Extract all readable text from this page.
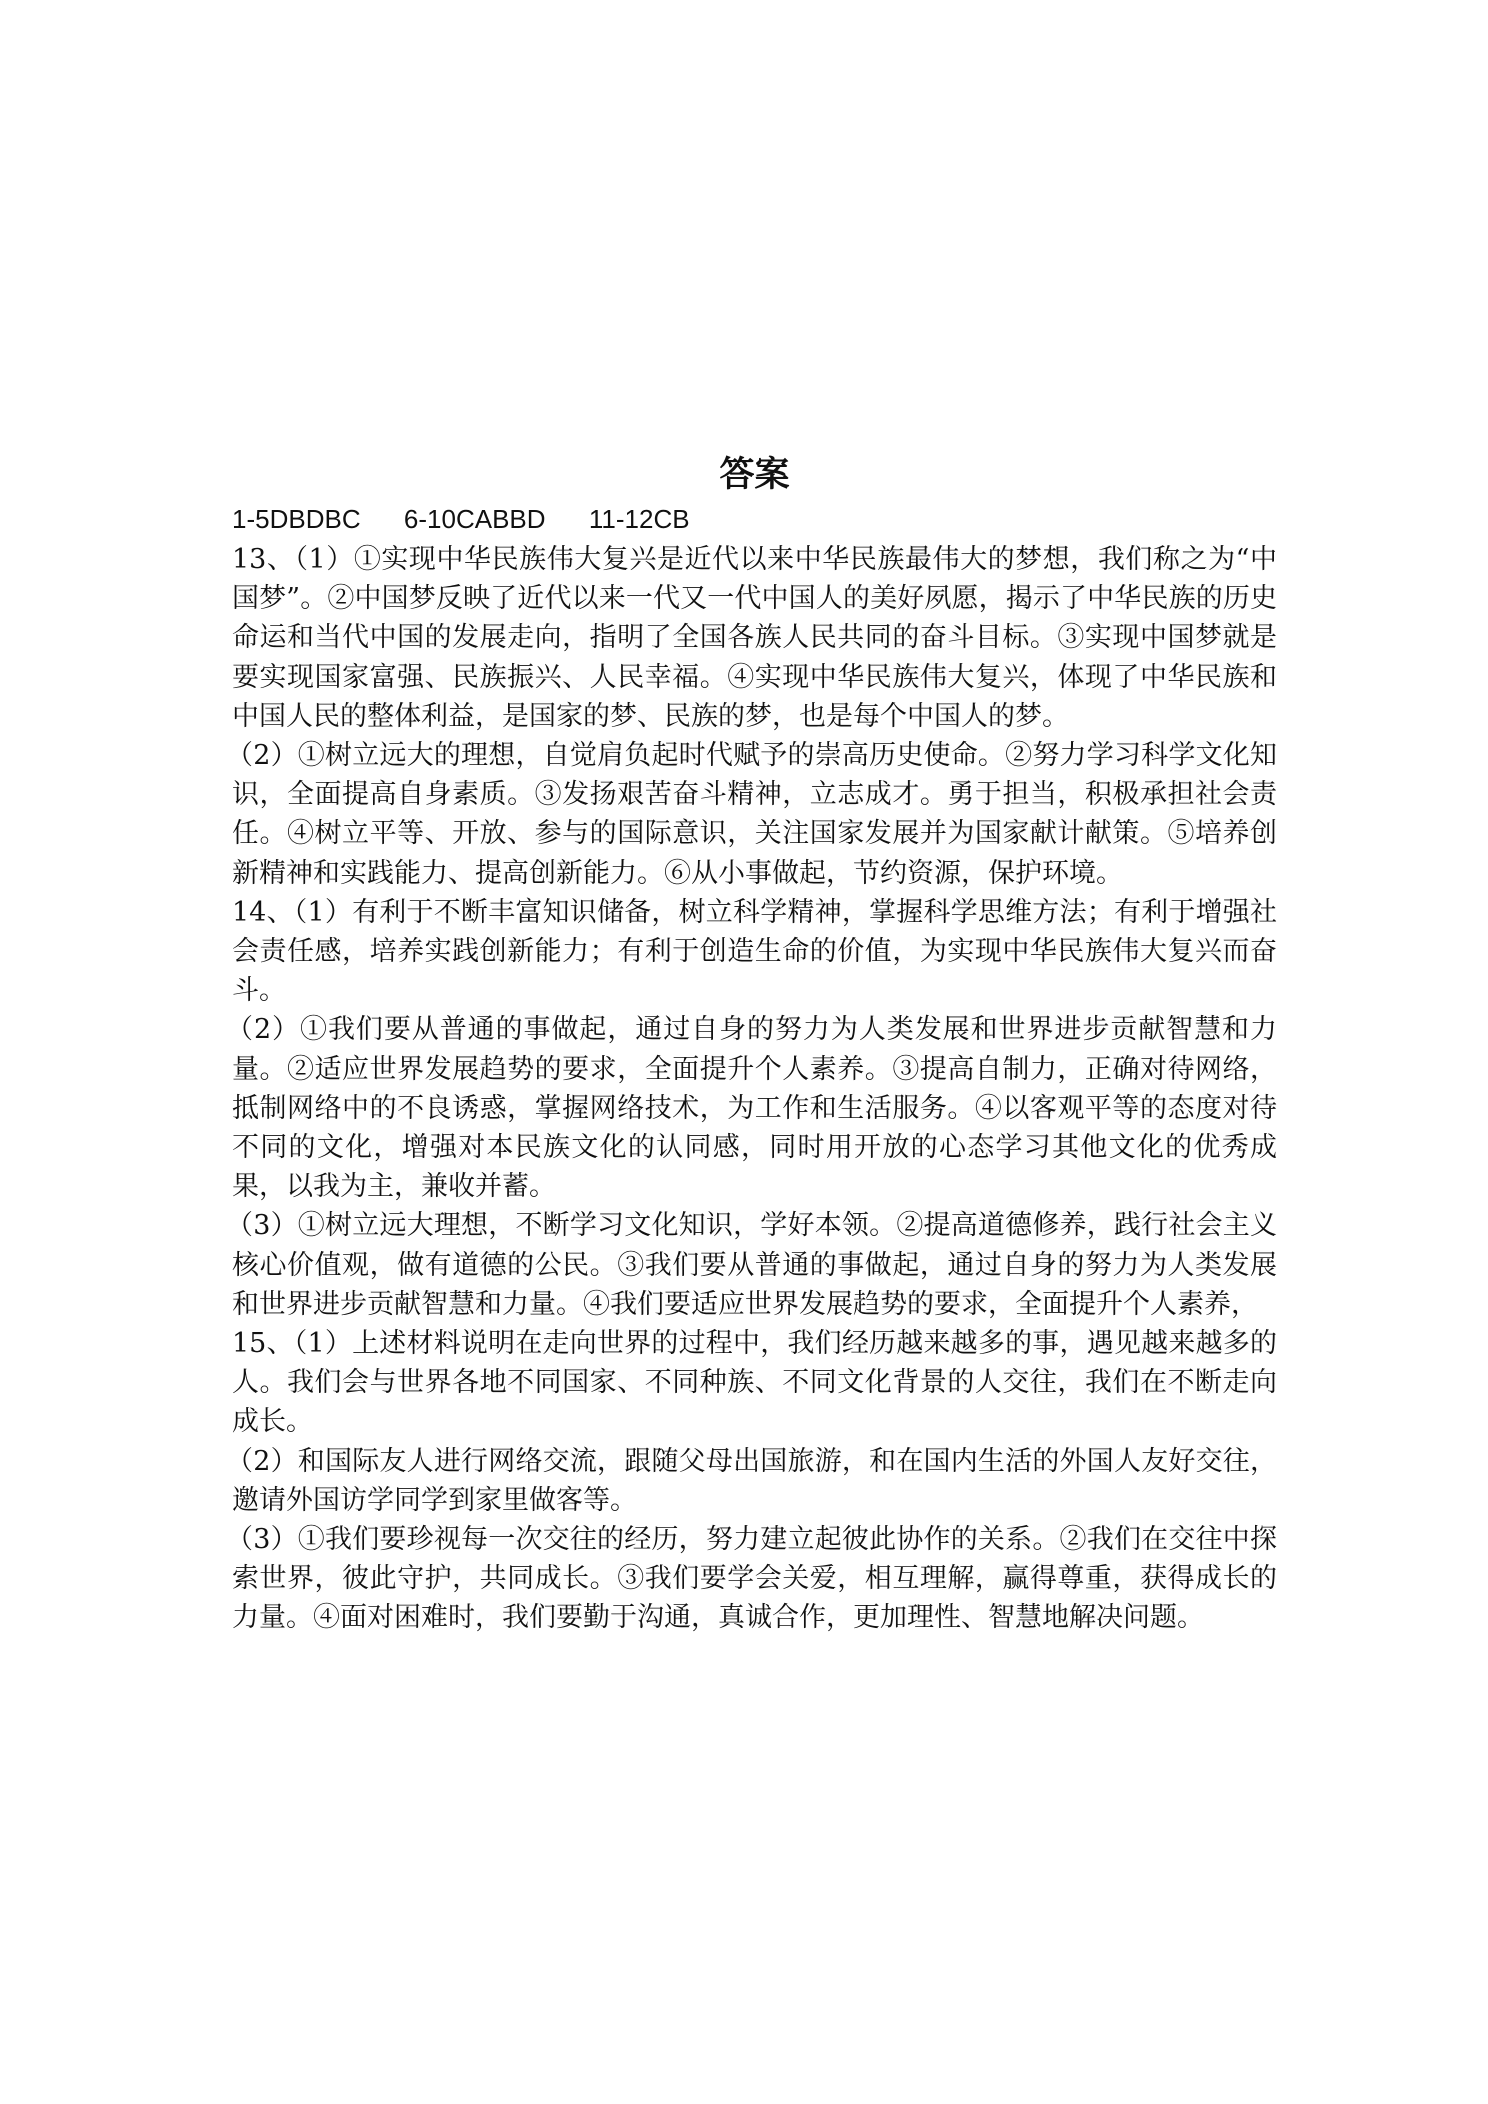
答案
1-5DBDBC      6-10CABBD      11-12CB

13、（1）①实现中华民族伟大复兴是近代以来中华民族最伟大的梦想，我们称之为“中国梦”。②中国梦反映了近代以来一代又一代中国人的美好夙愿，揭示了中华民族的历史命运和当代中国的发展走向，指明了全国各族人民共同的奋斗目标。③实现中国梦就是要实现国家富强、民族振兴、人民幸福。④实现中华民族伟大复兴，体现了中华民族和中国人民的整体利益，是国家的梦、民族的梦，也是每个中国人的梦。

（2）①树立远大的理想，自觉肩负起时代赋予的崇高历史使命。②努力学习科学文化知识，全面提高自身素质。③发扬艰苦奋斗精神，立志成才。勇于担当，积极承担社会责任。④树立平等、开放、参与的国际意识，关注国家发展并为国家献计献策。⑤培养创新精神和实践能力、提高创新能力。⑥从小事做起，节约资源，保护环境。

14、（1）有利于不断丰富知识储备，树立科学精神，掌握科学思维方法；有利于增强社会责任感，培养实践创新能力；有利于创造生命的价值，为实现中华民族伟大复兴而奋斗。

（2）①我们要从普通的事做起，通过自身的努力为人类发展和世界进步贡献智慧和力量。②适应世界发展趋势的要求，全面提升个人素养。③提高自制力，正确对待网络，抵制网络中的不良诱惑，掌握网络技术，为工作和生活服务。④以客观平等的态度对待不同的文化，增强对本民族文化的认同感，同时用开放的心态学习其他文化的优秀成果，以我为主，兼收并蓄。

（3）①树立远大理想，不断学习文化知识，学好本领。②提高道德修养，践行社会主义核心价值观，做有道德的公民。③我们要从普通的事做起，通过自身的努力为人类发展和世界进步贡献智慧和力量。④我们要适应世界发展趋势的要求，全面提升个人素养，

15、（1）上述材料说明在走向世界的过程中，我们经历越来越多的事，遇见越来越多的人。我们会与世界各地不同国家、不同种族、不同文化背景的人交往，我们在不断走向成长。

（2）和国际友人进行网络交流，跟随父母出国旅游，和在国内生活的外国人友好交往，邀请外国访学同学到家里做客等。

（3）①我们要珍视每一次交往的经历，努力建立起彼此协作的关系。②我们在交往中探索世界，彼此守护，共同成长。③我们要学会关爱，相互理解，赢得尊重，获得成长的力量。④面对困难时，我们要勤于沟通，真诚合作，更加理性、智慧地解决问题。
